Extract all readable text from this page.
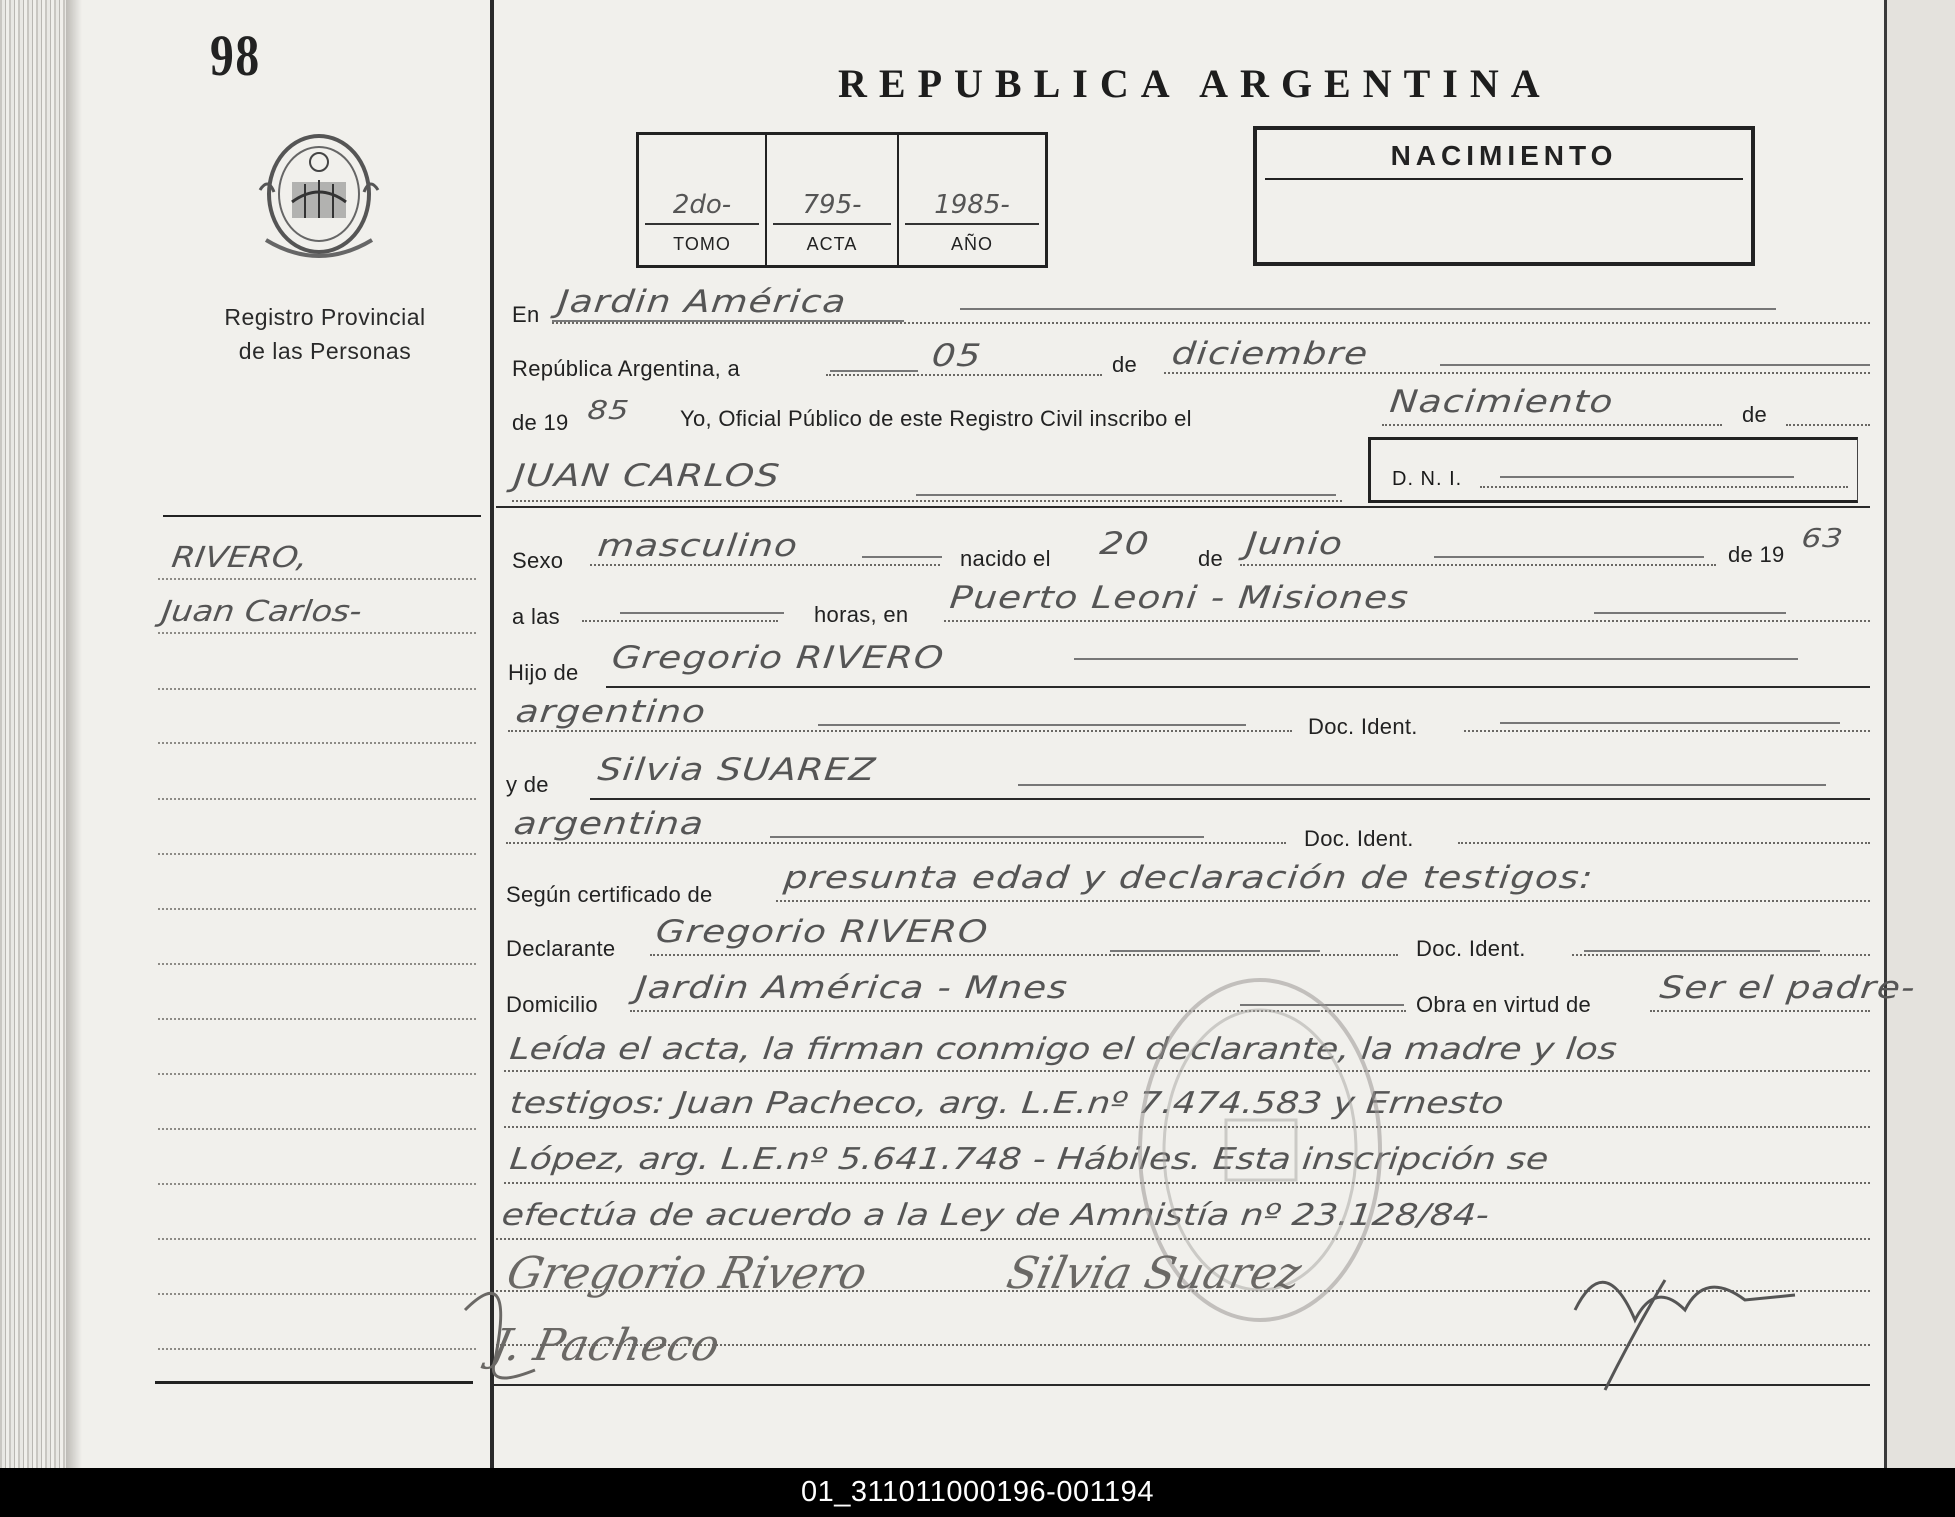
98
Registro Provincial
de las Personas
RIVERO,
Juan Carlos-
REPUBLICA ARGENTINA
2do-
TOMO
795-
ACTA
1985-
AÑO
NACIMIENTO
En Jardin América
República Argentina, a	05	de diciembre
de 19 85 Yo, Oficial Público de este Registro Civil inscribo el	Nacimiento	de
JUAN CARLOS	D. N. I.
Sexo masculino	nacido el 20 de Junio	de 19
63
a las	horas, en Puerto Leoni - Misiones
Hijo de Gregorio RIVERO
argentino	Doc. Ident.
y de Silvia SUAREZ
argentina	Doc. Ident.
Según certificado de presunta edad y declaración de testigos:
Declarante Gregorio RIVERO	Doc. Ident.
Domicilio Jardin América - Mnes	Obra en virtud de Ser el padre-
Leída el acta, la firman conmigo el declarante, la madre y los
testigos: Juan Pacheco, arg. L.E.nº 7.474.583 y Ernesto
López, arg. L.E.nº 5.641.748 - Hábiles. Esta inscripción se
efectúa de acuerdo a la Ley de Amnistía nº 23.128/84-
Gregorio Rivero	Silvia Suarez
J. Pacheco
01_311011000196-001194
